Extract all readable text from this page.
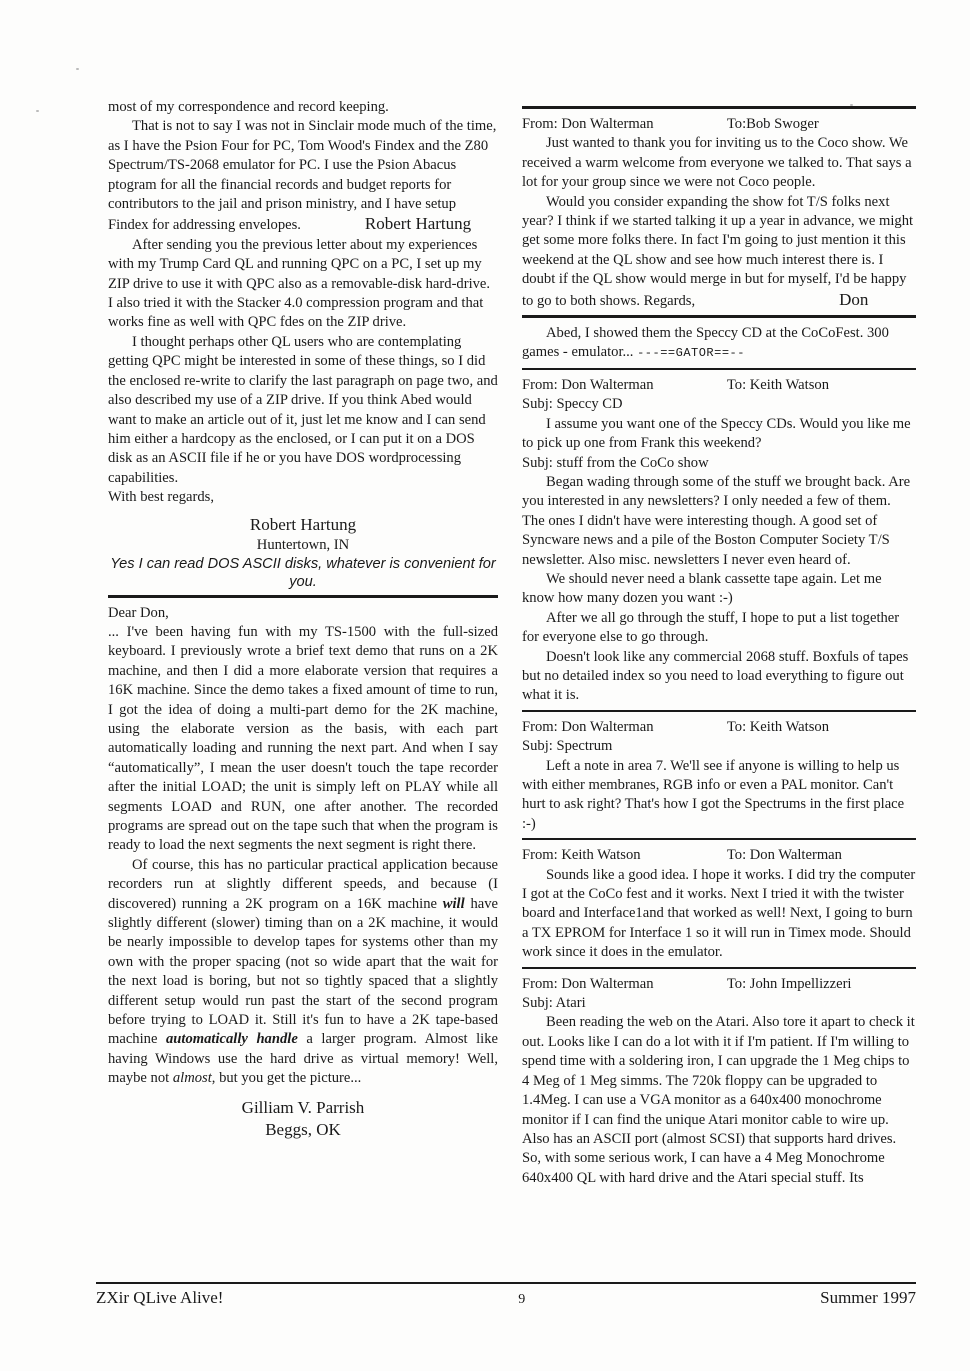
most of my correspondence and record keeping.

That is not to say I was not in Sinclair mode much of the time, as I have the Psion Four for PC, Tom Wood's Findex and the Z80 Spectrum/TS-2068 emulator for PC. I use the Psion Abacus ptogram for all the financial records and budget reports for contributors to the jail and prison ministry, and I have setup Findex for addressing envelopes.	Robert Hartung

After sending you the previous letter about my experiences with my Trump Card QL and running QPC on a PC, I set up my ZIP drive to use it with QPC also as a removable-disk hard-drive. I also tried it with the Stacker 4.0 compression program and that works fine as well with QPC fdes on the ZIP drive.

I thought perhaps other QL users who are contemplating getting QPC might be interested in some of these things, so I did the enclosed re-write to clarify the last paragraph on page two, and also described my use of a ZIP drive. If you think Abed would want to make an article out of it, just let me know and I can send him either a hardcopy as the enclosed, or I can put it on a DOS disk as an ASCII file if he or you have DOS wordprocessing capabilities.

With best regards,

Robert Hartung

Huntertown, IN

Yes I can read DOS ASCII disks, whatever is convenient for you.

Dear Don,

... I've been having fun with my TS-1500 with the full-sized keyboard. I previously wrote a brief text demo that runs on a 2K machine, and then I did a more elaborate version that requires a 16K machine. Since the demo takes a fixed amount of time to run, I got the idea of doing a multi-part demo for the 2K machine, using the elaborate version as the basis, with each part automatically loading and running the next part. And when I say “automatically”, I mean the user doesn't touch the tape recorder after the initial LOAD; the unit is simply left on PLAY while all segments LOAD and RUN, one after another. The recorded programs are spread out on the tape such that when the program is ready to load the next segments the next segment is right there.

Of course, this has no particular practical application because recorders run at slightly different speeds, and because (I discovered) running a 2K program on a 16K machine will have slightly different (slower) timing than on a 2K machine, it would be nearly impossible to develop tapes for systems other than my own with the proper spacing (not so wide apart that the wait for the next load is boring, but not so tightly spaced that a slightly different setup would run past the start of the second program before trying to LOAD it. Still it's fun to have a 2K tape-based machine automatically handle a larger program. Almost like having Windows use the hard drive as virtual memory! Well, maybe not almost, but you get the picture...

Gilliam V. Parrish

Beggs, OK

From: Don Walterman	To:Bob Swoger

Just wanted to thank you for inviting us to the Coco show. We received a warm welcome from everyone we talked to. That says a lot for your group since we were not Coco people.

Would you consider expanding the show fot T/S folks next year? I think if we started talking it up a year in advance, we might get some more folks there. In fact I'm going to just mention it this weekend at the QL show and see how much interest there is. I doubt if the QL show would merge in but for myself, I'd be happy to go to both shows. Regards,	Don

Abed, I showed them the Speccy CD at the CoCoFest. 300 games - emulator... ---==GATOR==--

From: Don Walterman	To: Keith Watson

Subj: Speccy CD

I assume you want one of the Speccy CDs. Would you like me to pick up one from Frank this weekend?

Subj: stuff from the CoCo show

Began wading through some of the stuff we brought back. Are you interested in any newsletters? I only needed a few of them. The ones I didn't have were interesting though. A good set of Syncware news and a pile of the Boston Computer Society T/S newsletter. Also misc. newsletters I never even heard of.

We should never need a blank cassette tape again. Let me know how many dozen you want :-)

After we all go through the stuff, I hope to put a list together for everyone else to go through.

Doesn't look like any commercial 2068 stuff. Boxfuls of tapes but no detailed index so you need to load everything to figure out what it is.

From: Don Walterman	To: Keith Watson

Subj: Spectrum

Left a note in area 7. We'll see if anyone is willing to help us with either membranes, RGB info or even a PAL monitor. Can't hurt to ask right? That's how I got the Spectrums in the first place :-)

From: Keith Watson	To: Don Walterman

Sounds like a good idea. I hope it works. I did try the computer I got at the CoCo fest and it works. Next I tried it with the twister board and Interface1and that worked as well! Next, I going to burn a TX EPROM for Interface 1 so it will run in Timex mode. Should work since it does in the emulator.

From: Don Walterman	To: John Impellizzeri

Subj: Atari

Been reading the web on the Atari. Also tore it apart to check it out. Looks like I can do a lot with it if I'm patient. If I'm willing to spend time with a soldering iron, I can upgrade the 1 Meg chips to 4 Meg of 1 Meg simms. The 720k floppy can be upgraded to 1.4Meg. I can use a VGA monitor as a 640x400 monochrome monitor if I can find the unique Atari monitor cable to wire up. Also has an ASCII port (almost SCSI) that supports hard drives. So, with some serious work, I can have a 4 Meg Monochrome 640x400 QL with hard drive and the Atari special stuff. Its

ZXir QLive Alive!	9	Summer 1997
